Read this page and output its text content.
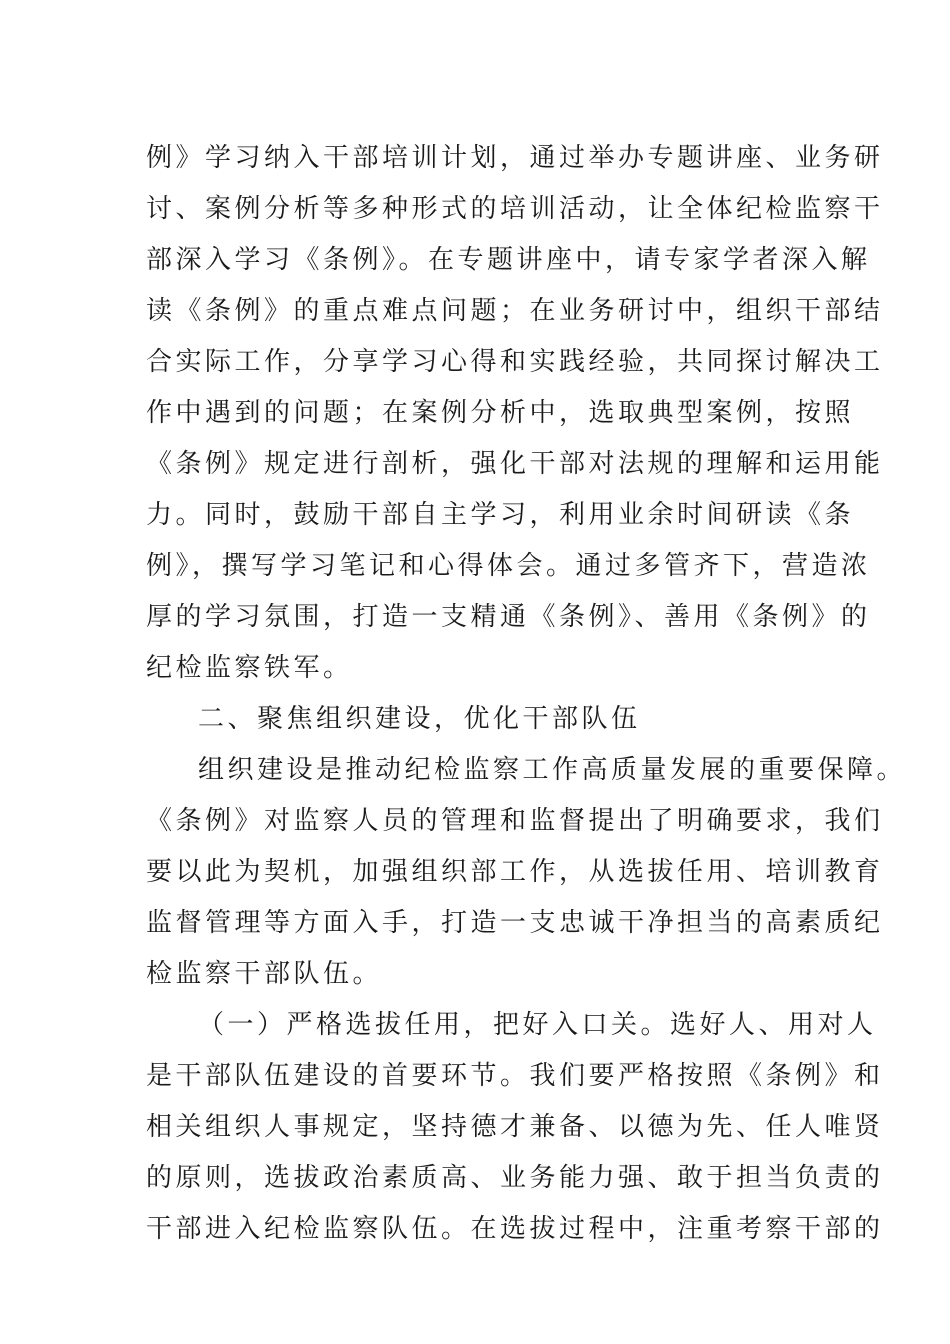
例》学习纳入干部培训计划，通过举办专题讲座、业务研
讨、案例分析等多种形式的培训活动，让全体纪检监察干
部深入学习《条例》。在专题讲座中，请专家学者深入解
读《条例》的重点难点问题；在业务研讨中，组织干部结
合实际工作，分享学习心得和实践经验，共同探讨解决工
作中遇到的问题；在案例分析中，选取典型案例，按照
《条例》规定进行剖析，强化干部对法规的理解和运用能
力。同时，鼓励干部自主学习，利用业余时间研读《条
例》，撰写学习笔记和心得体会。通过多管齐下，营造浓
厚的学习氛围，打造一支精通《条例》、善用《条例》的
纪检监察铁军。
二、聚焦组织建设，优化干部队伍
组织建设是推动纪检监察工作高质量发展的重要保障。
《条例》对监察人员的管理和监督提出了明确要求，我们
要以此为契机，加强组织部工作，从选拔任用、培训教育
监督管理等方面入手，打造一支忠诚干净担当的高素质纪
检监察干部队伍。
（一）严格选拔任用，把好入口关。选好人、用对人
是干部队伍建设的首要环节。我们要严格按照《条例》和
相关组织人事规定，坚持德才兼备、以德为先、任人唯贤
的原则，选拔政治素质高、业务能力强、敢于担当负责的
干部进入纪检监察队伍。在选拔过程中，注重考察干部的
